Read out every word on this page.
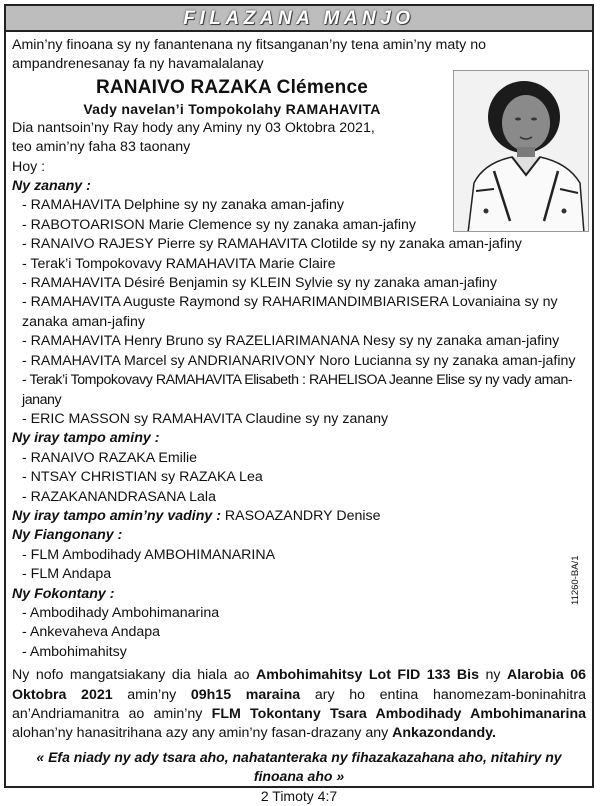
FILAZANA MANJO

Amin’ny finoana sy ny fanantenana ny fitsanganan’ny tena amin’ny maty no ampandrenesanay fa ny havamalalanay

RANAIVO RAZAKA Clémence

Vady navelan’i Tompokolahy RAMAHAVITA

Dia nantsoin’ny Ray hody any Aminy ny 03 Oktobra 2021,

teo amin’ny faha 83 taonany

Hoy :

Ny zanany :

- RAMAHAVITA Delphine sy ny zanaka aman-jafiny

- RABOTOARISON Marie Clemence sy ny zanaka aman-jafiny

- RANAIVO RAJESY Pierre sy RAMAHAVITA Clotilde sy ny zanaka aman-jafiny

- Terak’i Tompokovavy RAMAHAVITA Marie Claire

- RAMAHAVITA Désiré Benjamin sy KLEIN Sylvie sy ny zanaka aman-jafiny

- RAMAHAVITA Auguste Raymond sy RAHARIMANDIMBIARISERA Lovaniaina sy ny zanaka aman-jafiny

- RAMAHAVITA Henry Bruno sy RAZELIARIMANANA Nesy sy ny zanaka aman-jafiny

- RAMAHAVITA Marcel sy ANDRIANARIVONY Noro Lucianna sy ny zanaka aman-jafiny

- Terak’i Tompokovavy RAMAHAVITA Elisabeth : RAHELISOA Jeanne Elise sy ny vady aman-janany

- ERIC MASSON sy RAMAHAVITA Claudine sy ny zanany

Ny iray tampo aminy :

- RANAIVO RAZAKA Emilie

- NTSAY CHRISTIAN sy RAZAKA Lea

- RAZAKANANDRASANA Lala

Ny iray tampo amin’ny vadiny : RASOAZANDRY Denise

Ny Fiangonany :

- FLM Ambodihady AMBOHIMANARINA

- FLM Andapa

Ny Fokontany :

- Ambodihady Ambohimanarina

- Ankevaheva Andapa

- Ambohimahitsy

Ny nofo mangatsiakany dia hiala ao Ambohimahitsy Lot FID 133 Bis ny Alarobia 06 Oktobra 2021 amin’ny 09h15 maraina ary ho entina hanomezam-boninahitra an’Andriamanitra ao amin’ny FLM Tokontany Tsara Ambodihady Ambohimanarina alohan’ny hanasitrihana azy any amin’ny fasan-drazany any Ankazondandy.

« Efa niady ny ady tsara aho, nahatanteraka ny fihazakazahana aho, nitahiry ny finoana aho »

2 Timoty 4:7

11260-BA/1
